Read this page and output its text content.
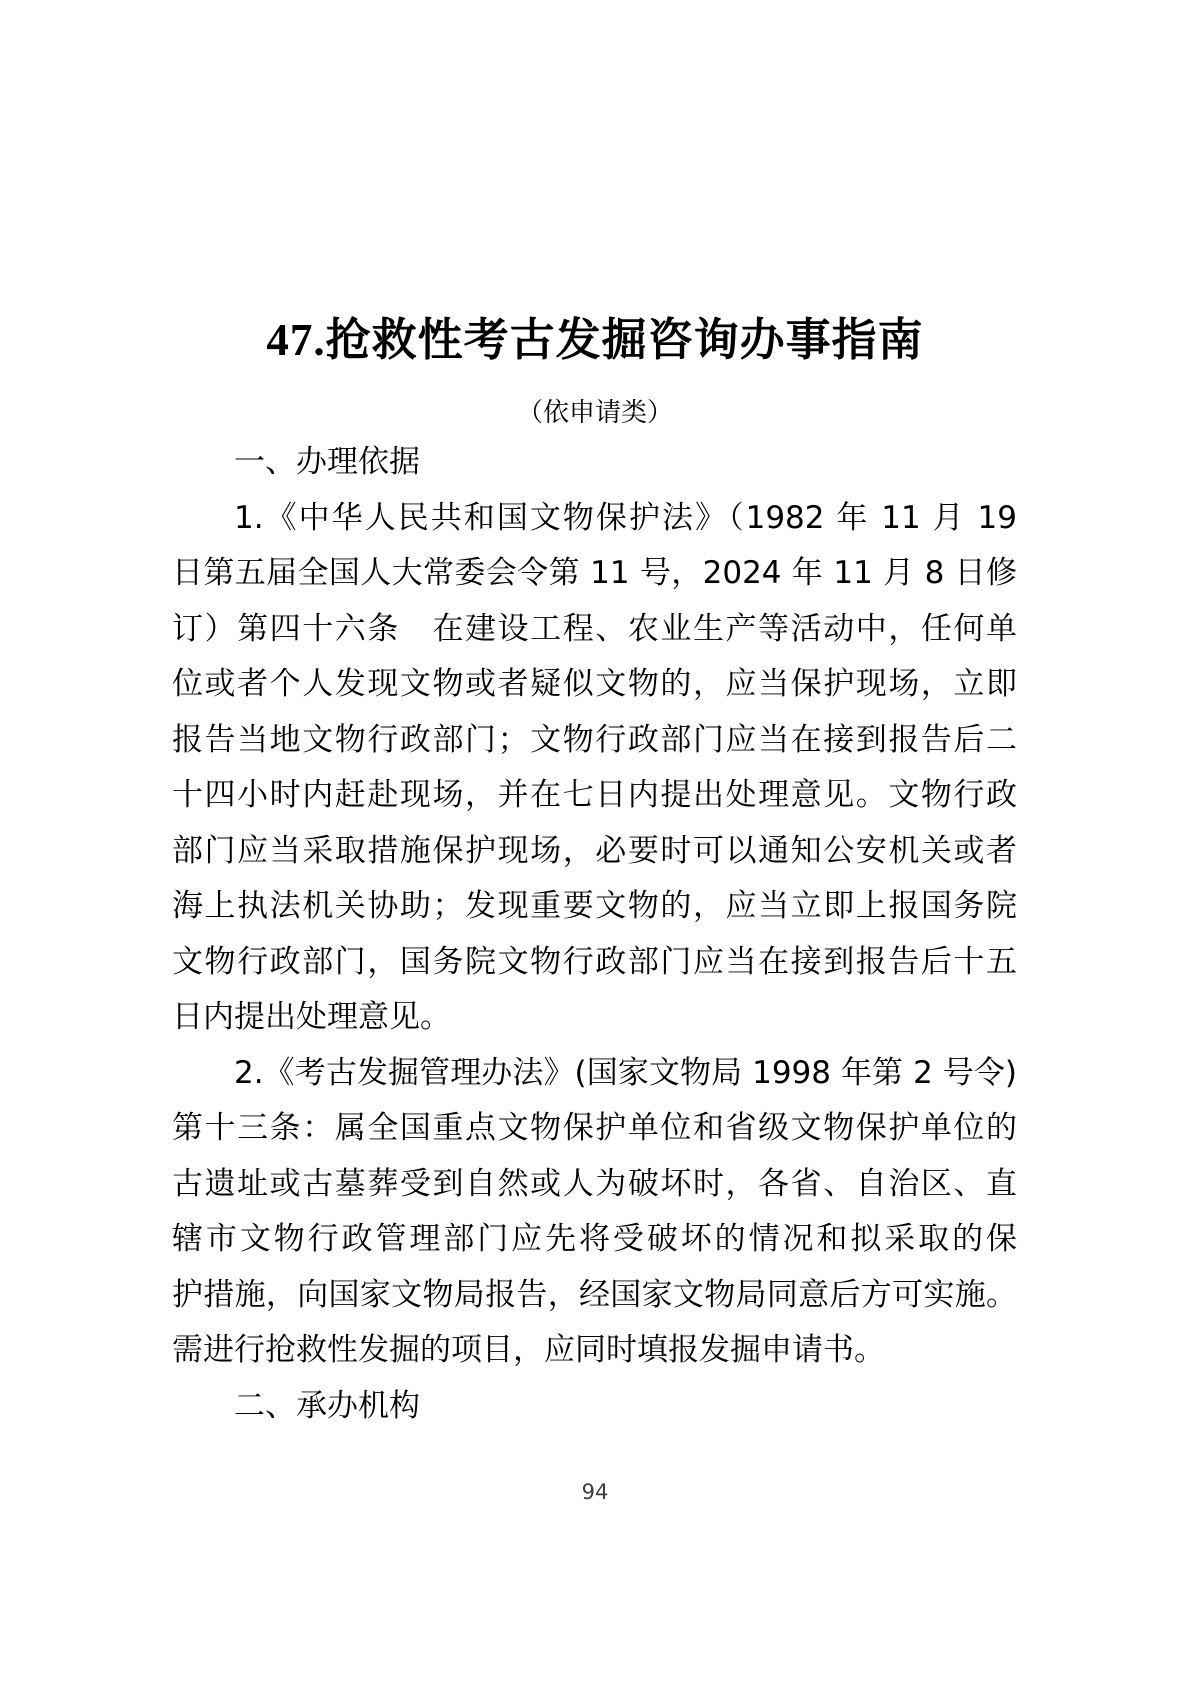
47.抢救性考古发掘咨询办事指南
（依申请类）
一、办理依据
1.《中华人民共和国文物保护法》（1982 年 11 月 19
日第五届全国人大常委会令第 11 号，2024 年 11 月 8 日修
订）第四十六条　在建设工程、农业生产等活动中，任何单
位或者个人发现文物或者疑似文物的，应当保护现场，立即
报告当地文物行政部门；文物行政部门应当在接到报告后二
十四小时内赶赴现场，并在七日内提出处理意见。文物行政
部门应当采取措施保护现场，必要时可以通知公安机关或者
海上执法机关协助；发现重要文物的，应当立即上报国务院
文物行政部门，国务院文物行政部门应当在接到报告后十五
日内提出处理意见。
2.《考古发掘管理办法》(国家文物局 1998 年第 2 号令)
第十三条：属全国重点文物保护单位和省级文物保护单位的
古遗址或古墓葬受到自然或人为破坏时，各省、自治区、直
辖市文物行政管理部门应先将受破坏的情况和拟采取的保
护措施，向国家文物局报告，经国家文物局同意后方可实施。
需进行抢救性发掘的项目，应同时填报发掘申请书。
二、承办机构
94
